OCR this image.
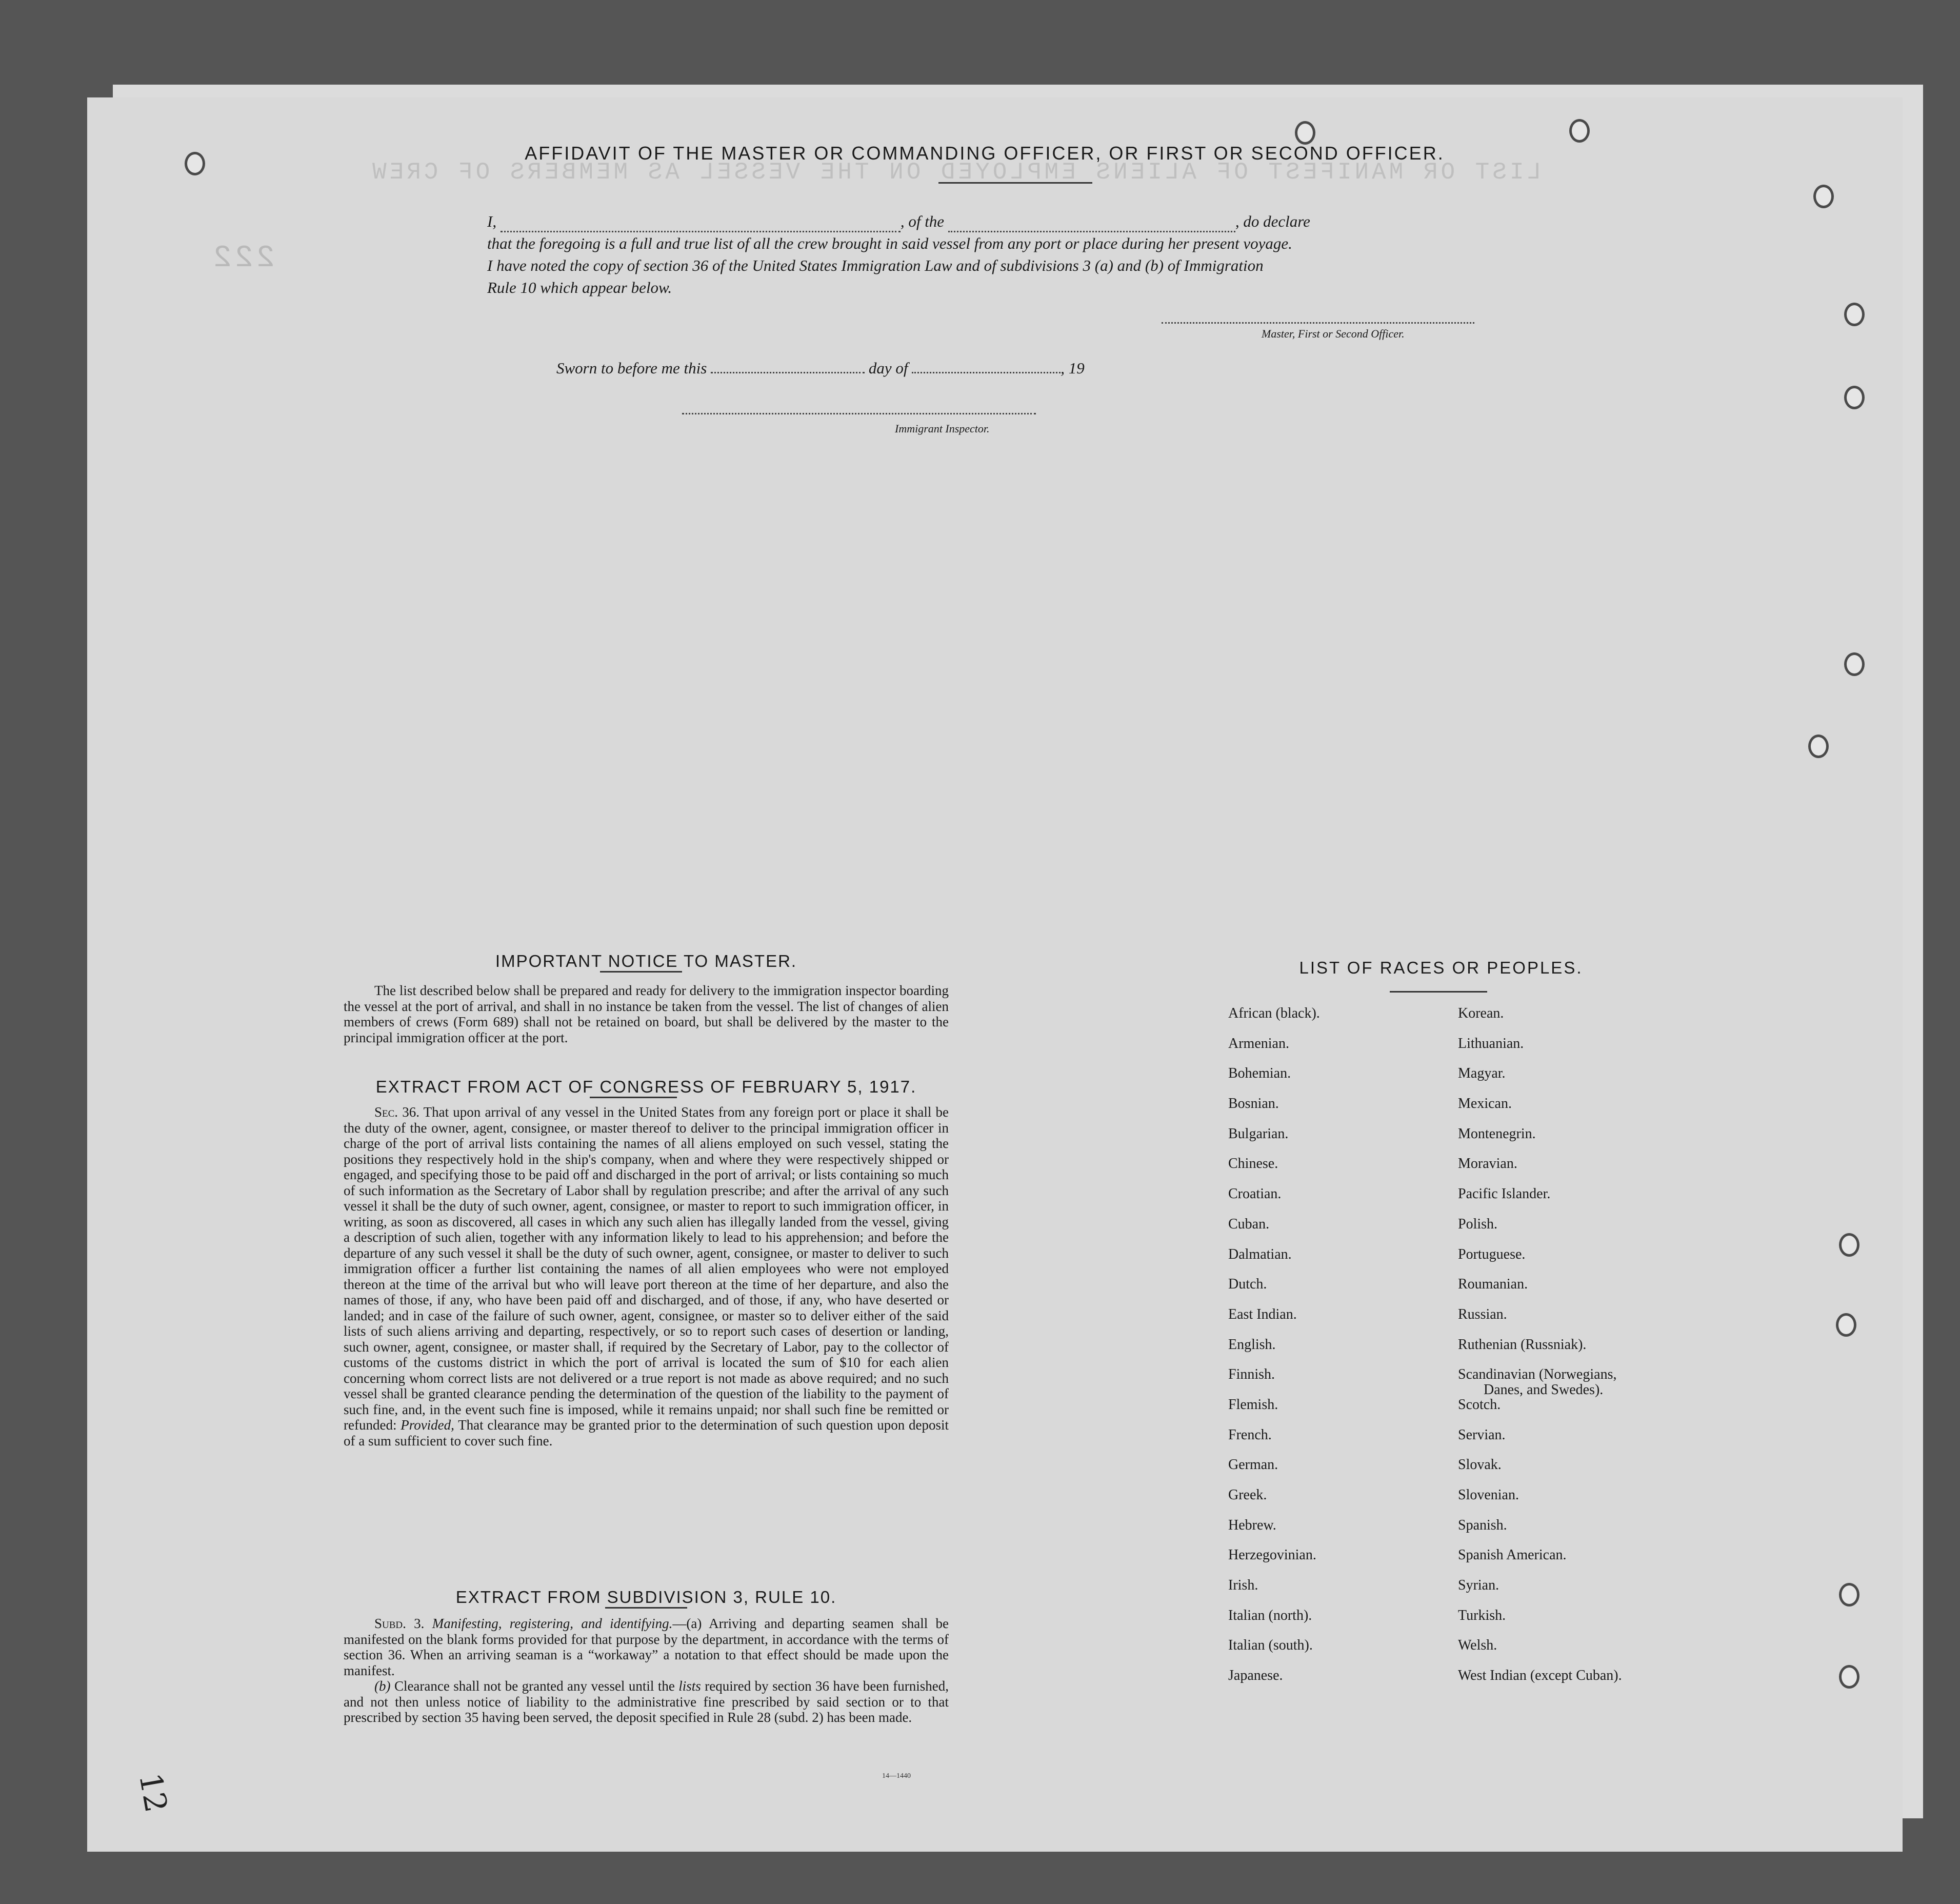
LIST OR MANIFEST OF ALIENS EMPLOYED ON THE VESSEL AS MEMBERS OF CREW
222
AFFIDAVIT OF THE MASTER OR COMMANDING OFFICER, OR FIRST OR SECOND OFFICER.
I,	, of the	, do declare
that the foregoing is a full and true list of all the crew brought in said vessel from any port or place during her present voyage.
I have noted the copy of section 36 of the United States Immigration Law and of subdivisions 3 (a) and (b) of Immigration
Rule 10 which appear below.
Master, First or Second Officer.
Sworn to before me this	day of	, 19
Immigrant Inspector.
IMPORTANT NOTICE TO MASTER.
The list described below shall be prepared and ready for delivery to the immigration inspector boarding the vessel at the port of arrival, and shall in no instance be taken from the vessel. The list of changes of alien members of crews (Form 689) shall not be retained on board, but shall be delivered by the master to the principal immigration officer at the port.
EXTRACT FROM ACT OF CONGRESS OF FEBRUARY 5, 1917.
Sec. 36. That upon arrival of any vessel in the United States from any foreign port or place it shall be the duty of the owner, agent, consignee, or master thereof to deliver to the principal immigration officer in charge of the port of arrival lists containing the names of all aliens employed on such vessel, stating the positions they respectively hold in the ship's company, when and where they were respectively shipped or engaged, and specifying those to be paid off and discharged in the port of arrival; or lists containing so much of such information as the Secretary of Labor shall by regulation prescribe; and after the arrival of any such vessel it shall be the duty of such owner, agent, consignee, or master to report to such immigration officer, in writing, as soon as discovered, all cases in which any such alien has illegally landed from the vessel, giving a description of such alien, together with any information likely to lead to his apprehension; and before the departure of any such vessel it shall be the duty of such owner, agent, consignee, or master to deliver to such immigration officer a further list containing the names of all alien employees who were not employed thereon at the time of the arrival but who will leave port thereon at the time of her departure, and also the names of those, if any, who have been paid off and discharged, and of those, if any, who have deserted or landed; and in case of the failure of such owner, agent, consignee, or master so to deliver either of the said lists of such aliens arriving and departing, respectively, or so to report such cases of desertion or landing, such owner, agent, consignee, or master shall, if required by the Secretary of Labor, pay to the collector of customs of the customs district in which the port of arrival is located the sum of $10 for each alien concerning whom correct lists are not delivered or a true report is not made as above required; and no such vessel shall be granted clearance pending the determination of the question of the liability to the payment of such fine, and, in the event such fine is imposed, while it remains unpaid; nor shall such fine be remitted or refunded: Provided, That clearance may be granted prior to the determination of such question upon deposit of a sum sufficient to cover such fine.
EXTRACT FROM SUBDIVISION 3, RULE 10.
Subd. 3. Manifesting, registering, and identifying.—(a) Arriving and departing seamen shall be manifested on the blank forms provided for that purpose by the department, in accordance with the terms of section 36. When an arriving seaman is a “workaway” a notation to that effect should be made upon the manifest.
(b) Clearance shall not be granted any vessel until the lists required by section 36 have been furnished, and not then unless notice of liability to the administrative fine prescribed by said section or to that prescribed by section 35 having been served, the deposit specified in Rule 28 (subd. 2) has been made.
14—1440
LIST OF RACES OR PEOPLES.
African (black).
Armenian.
Bohemian.
Bosnian.
Bulgarian.
Chinese.
Croatian.
Cuban.
Dalmatian.
Dutch.
East Indian.
English.
Finnish.
Flemish.
French.
German.
Greek.
Hebrew.
Herzegovinian.
Irish.
Italian (north).
Italian (south).
Japanese.
Korean.
Lithuanian.
Magyar.
Mexican.
Montenegrin.
Moravian.
Pacific Islander.
Polish.
Portuguese.
Roumanian.
Russian.
Ruthenian (Russniak).
Scandinavian (Norwegians,
Danes, and Swedes).
Scotch.
Servian.
Slovak.
Slovenian.
Spanish.
Spanish American.
Syrian.
Turkish.
Welsh.
West Indian (except Cuban).
12
